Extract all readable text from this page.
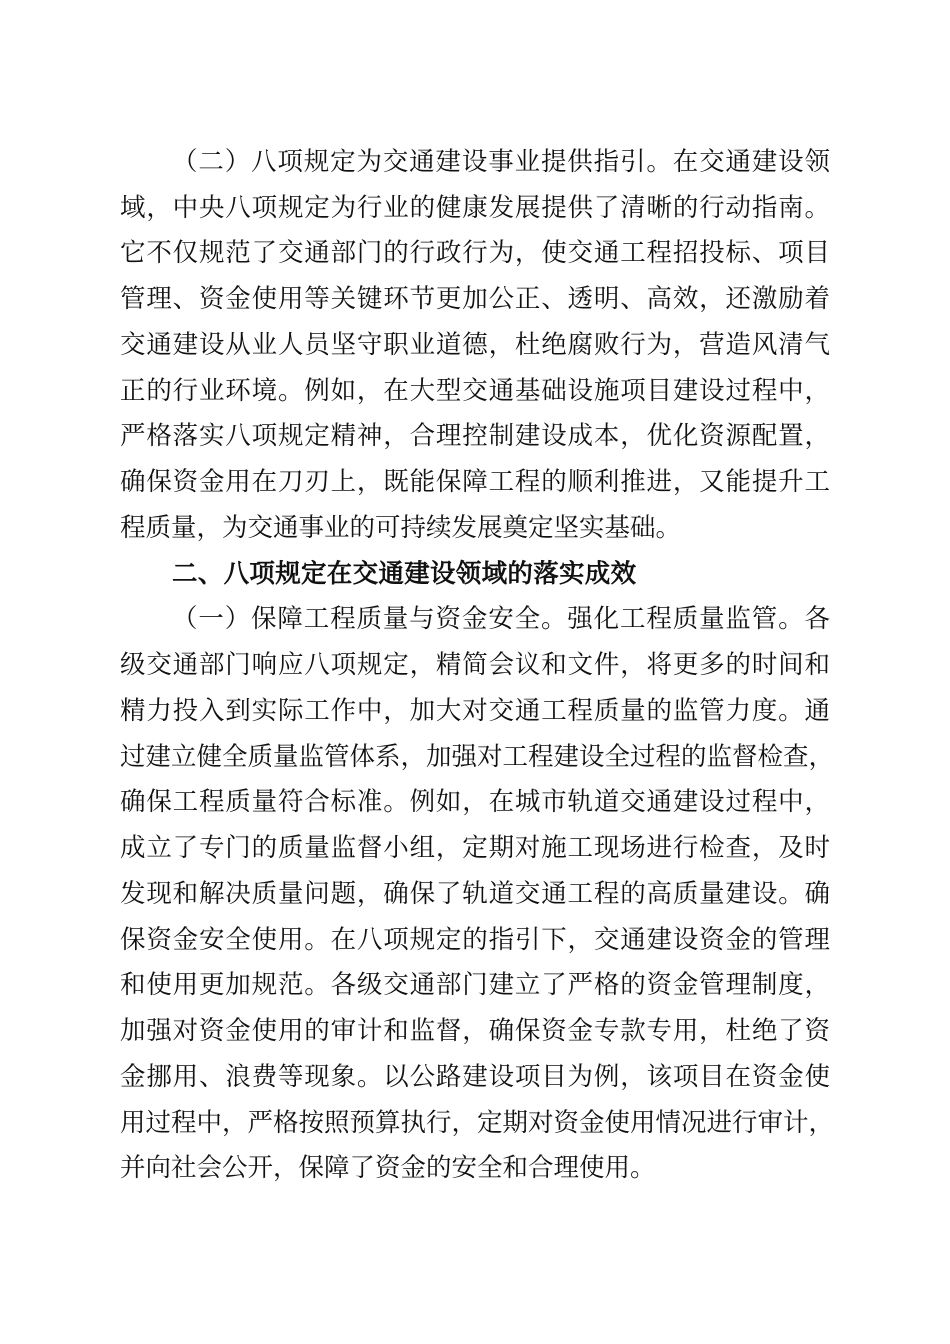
（二）八项规定为交通建设事业提供指引。在交通建设领

域，中央八项规定为行业的健康发展提供了清晰的行动指南。

它不仅规范了交通部门的行政行为，使交通工程招投标、项目

管理、资金使用等关键环节更加公正、透明、高效，还激励着

交通建设从业人员坚守职业道德，杜绝腐败行为，营造风清气

正的行业环境。例如，在大型交通基础设施项目建设过程中，

严格落实八项规定精神，合理控制建设成本，优化资源配置，

确保资金用在刀刃上，既能保障工程的顺利推进，又能提升工

程质量，为交通事业的可持续发展奠定坚实基础。

二、八项规定在交通建设领域的落实成效

（一）保障工程质量与资金安全。强化工程质量监管。各

级交通部门响应八项规定，精简会议和文件，将更多的时间和

精力投入到实际工作中，加大对交通工程质量的监管力度。通

过建立健全质量监管体系，加强对工程建设全过程的监督检查，

确保工程质量符合标准。例如，在城市轨道交通建设过程中，

成立了专门的质量监督小组，定期对施工现场进行检查，及时

发现和解决质量问题，确保了轨道交通工程的高质量建设。确

保资金安全使用。在八项规定的指引下，交通建设资金的管理

和使用更加规范。各级交通部门建立了严格的资金管理制度，

加强对资金使用的审计和监督，确保资金专款专用，杜绝了资

金挪用、浪费等现象。以公路建设项目为例，该项目在资金使

用过程中，严格按照预算执行，定期对资金使用情况进行审计，

并向社会公开，保障了资金的安全和合理使用。
